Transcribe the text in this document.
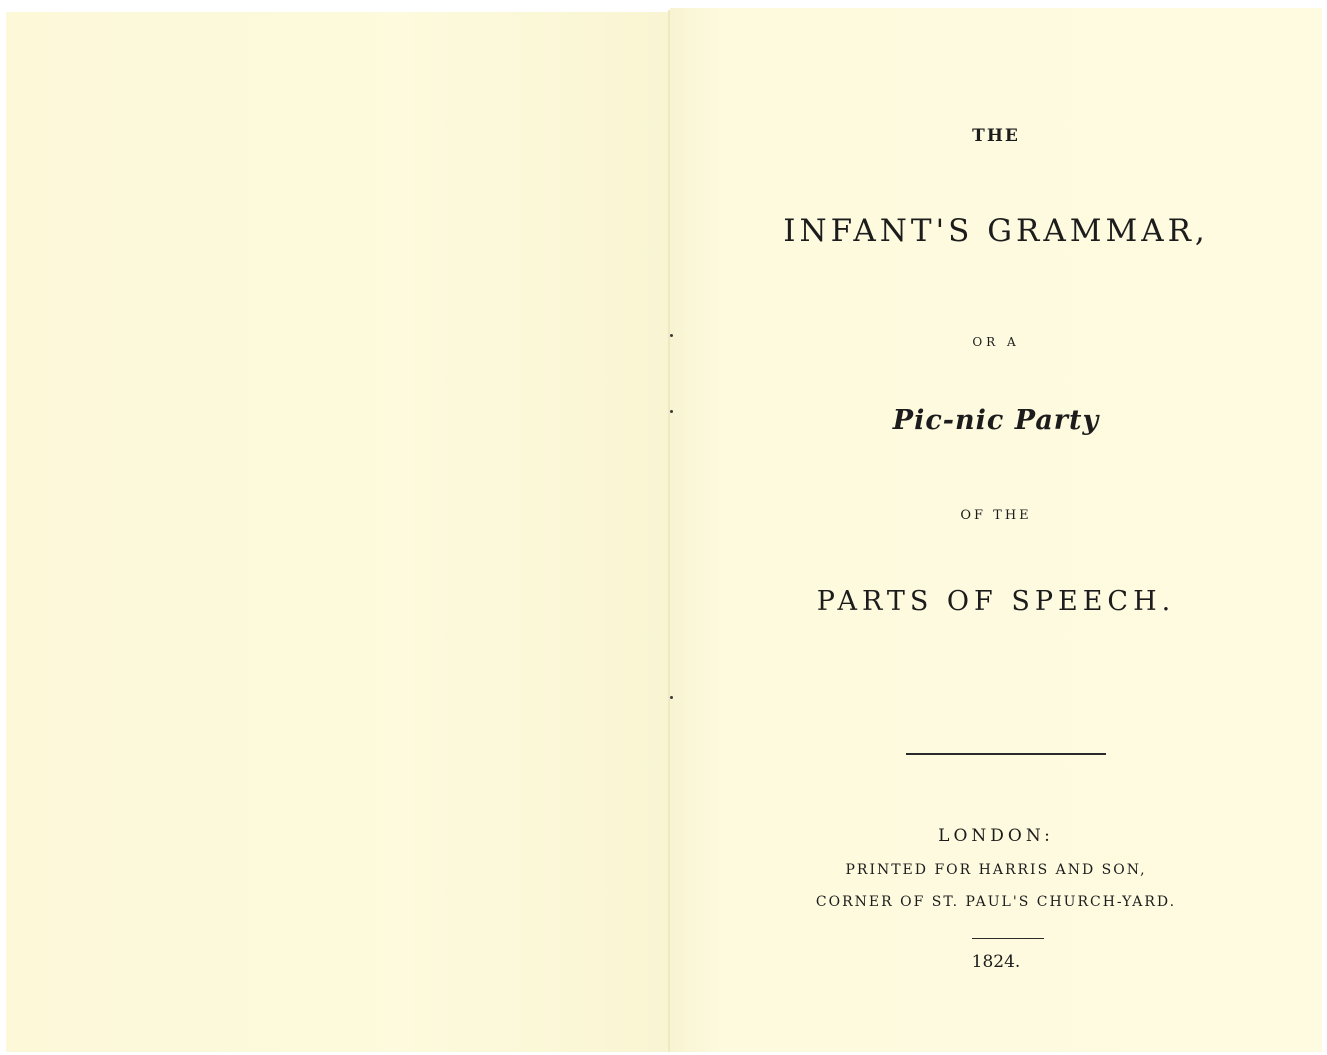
THE
INFANT'S GRAMMAR,
OR A
Pic-nic Party
OF THE
PARTS OF SPEECH.
LONDON:
PRINTED FOR HARRIS AND SON,
CORNER OF ST. PAUL'S CHURCH-YARD.
1824.
